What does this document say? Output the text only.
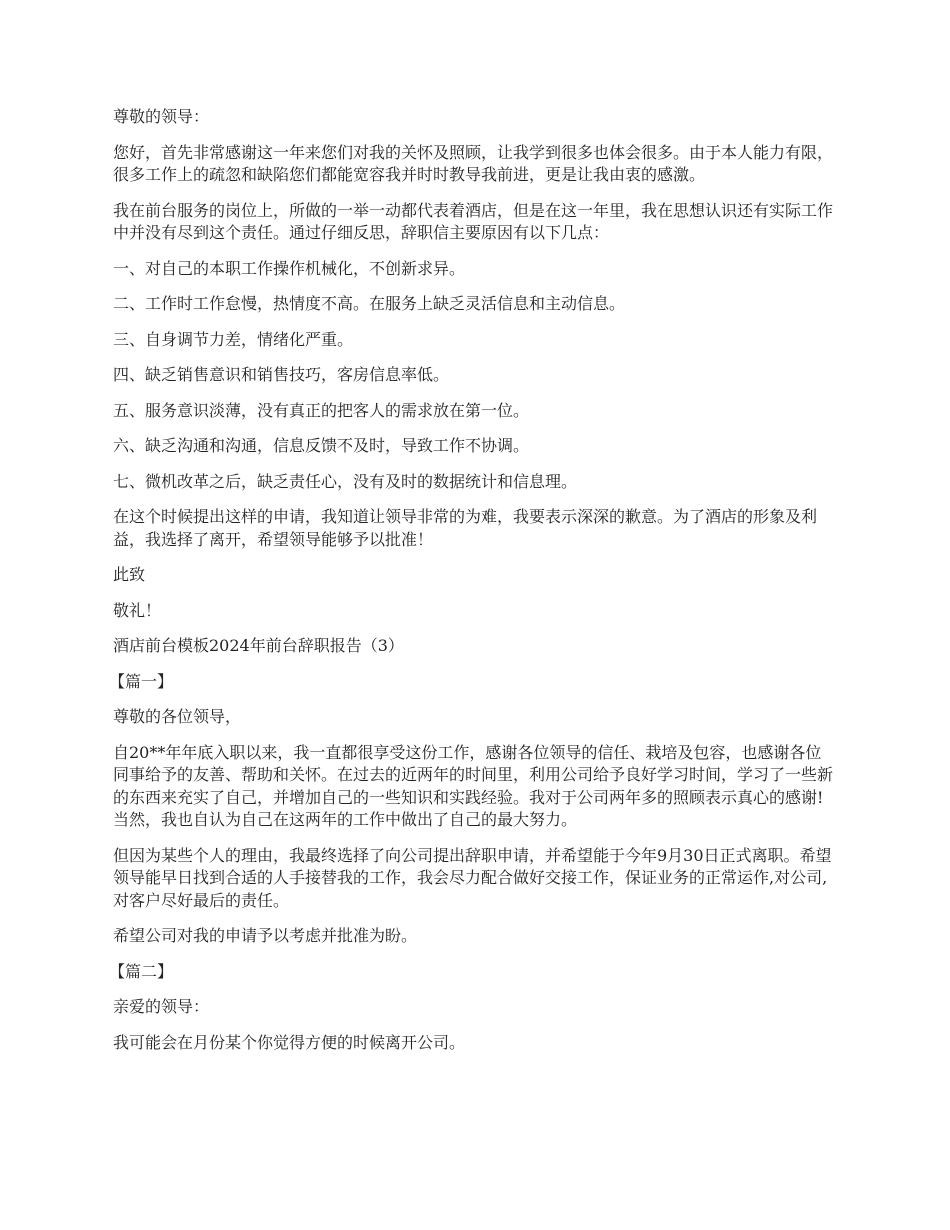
尊敬的领导：

您好，首先非常感谢这一年来您们对我的关怀及照顾，让我学到很多也体会很多。由于本人能力有限，很多工作上的疏忽和缺陷您们都能宽容我并时时教导我前进，更是让我由衷的感激。

我在前台服务的岗位上，所做的一举一动都代表着酒店，但是在这一年里，我在思想认识还有实际工作中并没有尽到这个责任。通过仔细反思，辞职信主要原因有以下几点：

一、对自己的本职工作操作机械化，不创新求异。

二、工作时工作怠慢，热情度不高。在服务上缺乏灵活信息和主动信息。

三、自身调节力差，情绪化严重。

四、缺乏销售意识和销售技巧，客房信息率低。

五、服务意识淡薄，没有真正的把客人的需求放在第一位。

六、缺乏沟通和沟通，信息反馈不及时，导致工作不协调。

七、微机改革之后，缺乏责任心，没有及时的数据统计和信息理。

在这个时候提出这样的申请，我知道让领导非常的为难，我要表示深深的歉意。为了酒店的形象及利益，我选择了离开，希望领导能够予以批准！

此致

敬礼！

酒店前台模板2024年前台辞职报告（3）

【篇一】

尊敬的各位领导，

自20**年年底入职以来，我一直都很享受这份工作，感谢各位领导的信任、栽培及包容，也感谢各位同事给予的友善、帮助和关怀。在过去的近两年的时间里，利用公司给予良好学习时间，学习了一些新的东西来充实了自己，并增加自己的一些知识和实践经验。我对于公司两年多的照顾表示真心的感谢!当然，我也自认为自己在这两年的工作中做出了自己的最大努力。

但因为某些个人的理由，我最终选择了向公司提出辞职申请，并希望能于今年9月30日正式离职。希望领导能早日找到合适的人手接替我的工作，我会尽力配合做好交接工作，保证业务的正常运作,对公司,对客户尽好最后的责任。

希望公司对我的申请予以考虑并批准为盼。

【篇二】

亲爱的领导：

我可能会在月份某个你觉得方便的时候离开公司。
